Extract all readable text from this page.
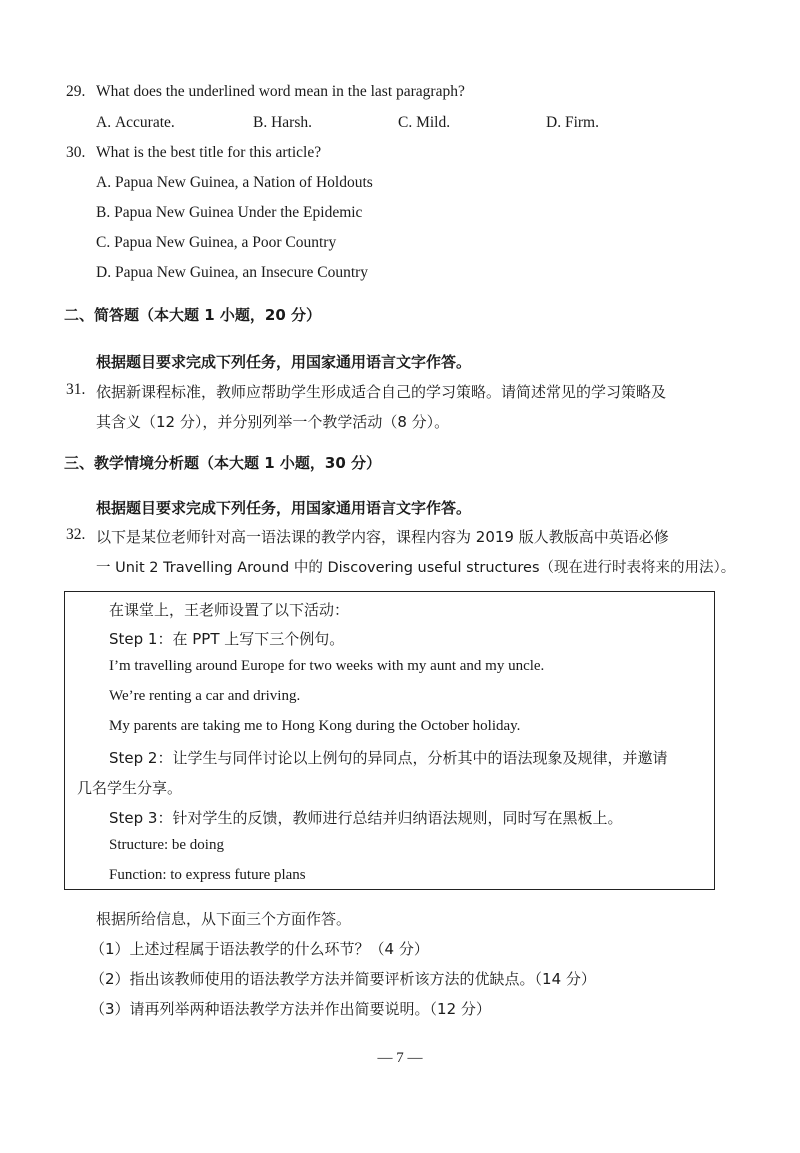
29. What does the underlined word mean in the last paragraph?
A. Accurate.	B. Harsh.	C. Mild.	D. Firm.
30. What is the best title for this article?
A. Papua New Guinea, a Nation of Holdouts
B. Papua New Guinea Under the Epidemic
C. Papua New Guinea, a Poor Country
D. Papua New Guinea, an Insecure Country
二、简答题（本大题 1 小题，20 分）
根据题目要求完成下列任务，用国家通用语言文字作答。
31. 依据新课程标准，教师应帮助学生形成适合自己的学习策略。请简述常见的学习策略及
其含义（12 分），并分别列举一个教学活动（8 分）。
三、教学情境分析题（本大题 1 小题，30 分）
根据题目要求完成下列任务，用国家通用语言文字作答。
32. 以下是某位老师针对高一语法课的教学内容，课程内容为 2019 版人教版高中英语必修
一 Unit 2 Travelling Around 中的 Discovering useful structures（现在进行时表将来的用法）。
在课堂上，王老师设置了以下活动：
Step 1：在 PPT 上写下三个例句。
I’m travelling around Europe for two weeks with my aunt and my uncle.
We’re renting a car and driving.
My parents are taking me to Hong Kong during the October holiday.
Step 2：让学生与同伴讨论以上例句的异同点，分析其中的语法现象及规律，并邀请
几名学生分享。
Step 3：针对学生的反馈，教师进行总结并归纳语法规则，同时写在黑板上。
Structure: be doing
Function: to express future plans
根据所给信息，从下面三个方面作答。
（1）上述过程属于语法教学的什么环节？（4 分）
（2）指出该教师使用的语法教学方法并简要评析该方法的优缺点。（14 分）
（3）请再列举两种语法教学方法并作出简要说明。（12 分）
— 7 —
